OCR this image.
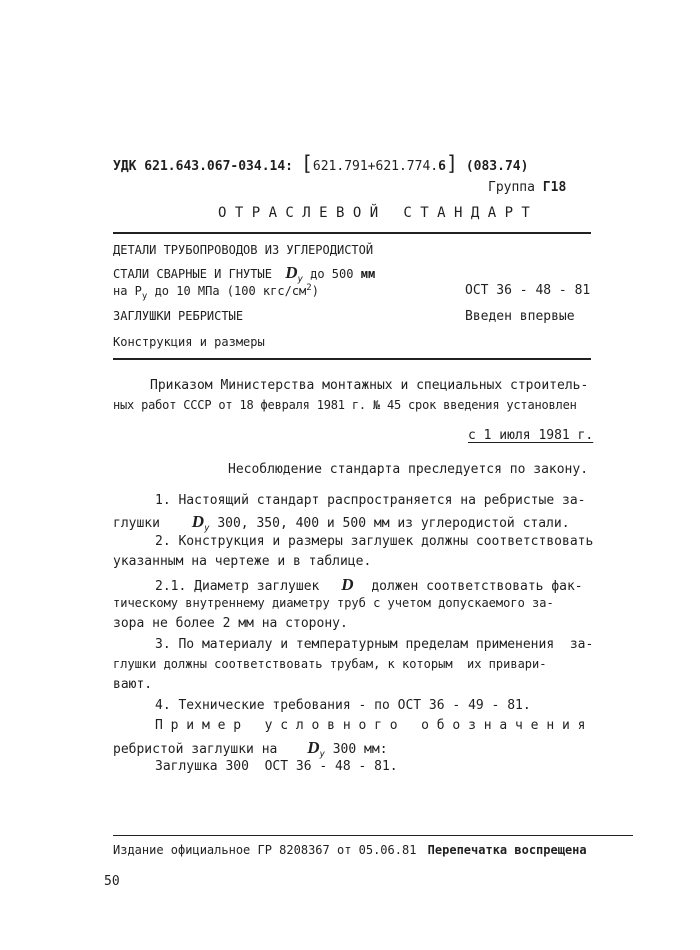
УДК 621.643.067-034.14: [621.791+621.774.6] (083.74)
Группа Г18
О Т Р А С Л Е В О Й   С Т А Н Д А Р Т
ДЕТАЛИ ТРУБОПРОВОДОВ ИЗ УГЛЕРОДИСТОЙ
СТАЛИ СВАРНЫЕ И ГНУТЫЕ $D_у$ до 500 мм
на $P_у$ до 10 МПа (100 кгс/$см^2$)	ОСТ 36 - 48 - 81
ЗАГЛУШКИ РЕБРИСТЫЕ	Введен впервые
Конструкция и размеры
Приказом Министерства монтажных и специальных строитель-
ных работ СССР от 18 февраля 1981 г. № 45 срок введения установлен
с 1 июля 1981 г.
Несоблюдение стандарта преследуется по закону.
1. Настоящий стандарт распространяется на ребристые за-
глушки $D_у$ 300, 350, 400 и 500 мм из углеродистой стали.
2. Конструкция и размеры заглушек должны соответствовать
указанным на чертеже и в таблице.
2.1. Диаметр заглушек D должен соответствовать фак-
тическому внутреннему диаметру труб с учетом допускаемого за-
зора не более 2 мм на сторону.
3. По материалу и температурным пределам применения  за-
глушки должны соответствовать трубам, к которым  их привари-
вают.
4. Технические требования - по ОСТ 36 - 49 - 81.
П р и м е р   у с л о в н о г о   о б о з н а ч е н и я
ребристой заглушки на $D_у$ 300 мм:
Заглушка 300  ОСТ 36 - 48 - 81.
Издание официальное ГР 8208367 от 05.06.81 Перепечатка воспрещена
50
